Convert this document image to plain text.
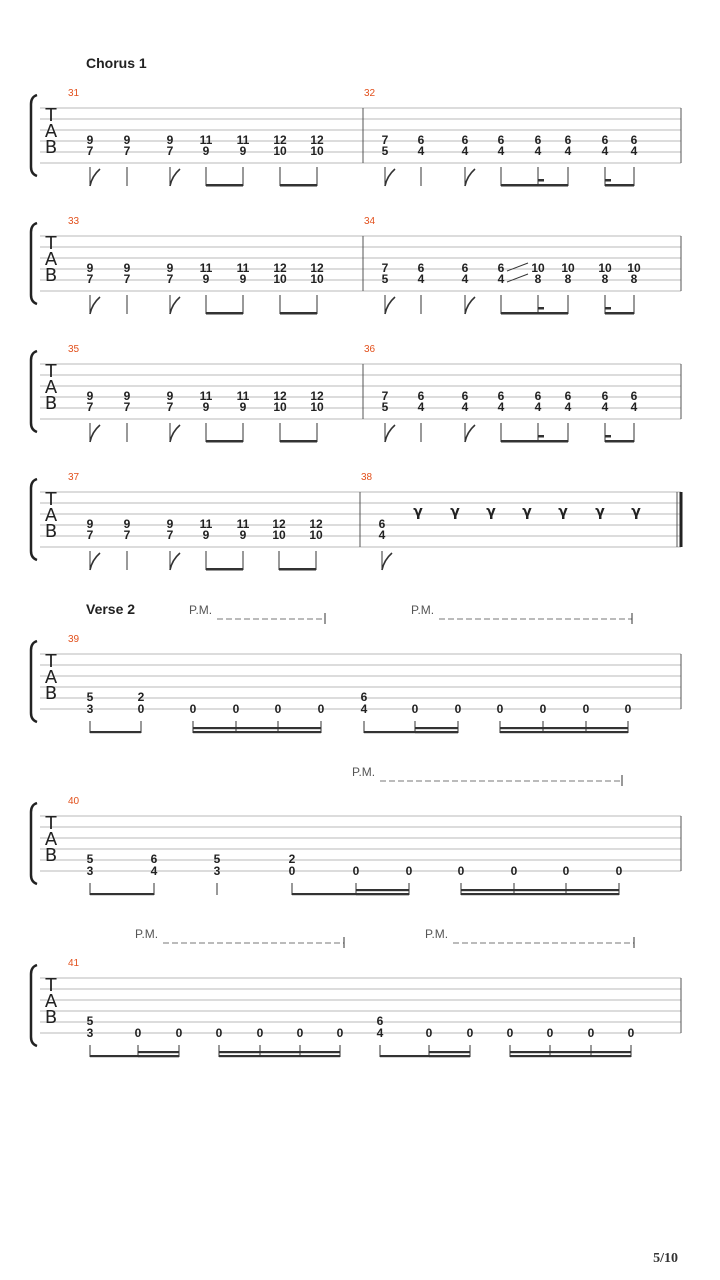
Chorus 1
Verse 2
T
A
B
31
9
7
9
7
9
7
11
9
11
9
12
10
12
10
32
7
5
6
4
6
4
6
4
6
4
6
4
6
4
6
4
T
A
B
33
9
7
9
7
9
7
11
9
11
9
12
10
12
10
34
7
5
6
4
6
4
6
4
10
8
10
8
10
8
10
8
T
A
B
35
9
7
9
7
9
7
11
9
11
9
12
10
12
10
36
7
5
6
4
6
4
6
4
6
4
6
4
6
4
6
4
T
A
B
37
9
7
9
7
9
7
11
9
11
9
12
10
12
10
38
6
4
γ γ γ γ γ γ γ
T
A
B
39
5
3
2
0	0	0	0	0
6
4	0	0	0	0	0	0
T
A
B
40
5
3
6
4
5
3
2
0	0	0	0	0	0	0
T
A
B
41
5
3	0	0	0	0	0	0
6
4	0	0	0	0	0	0
P.M.	P.M.
P.M.
P.M.	P.M.
5/10
